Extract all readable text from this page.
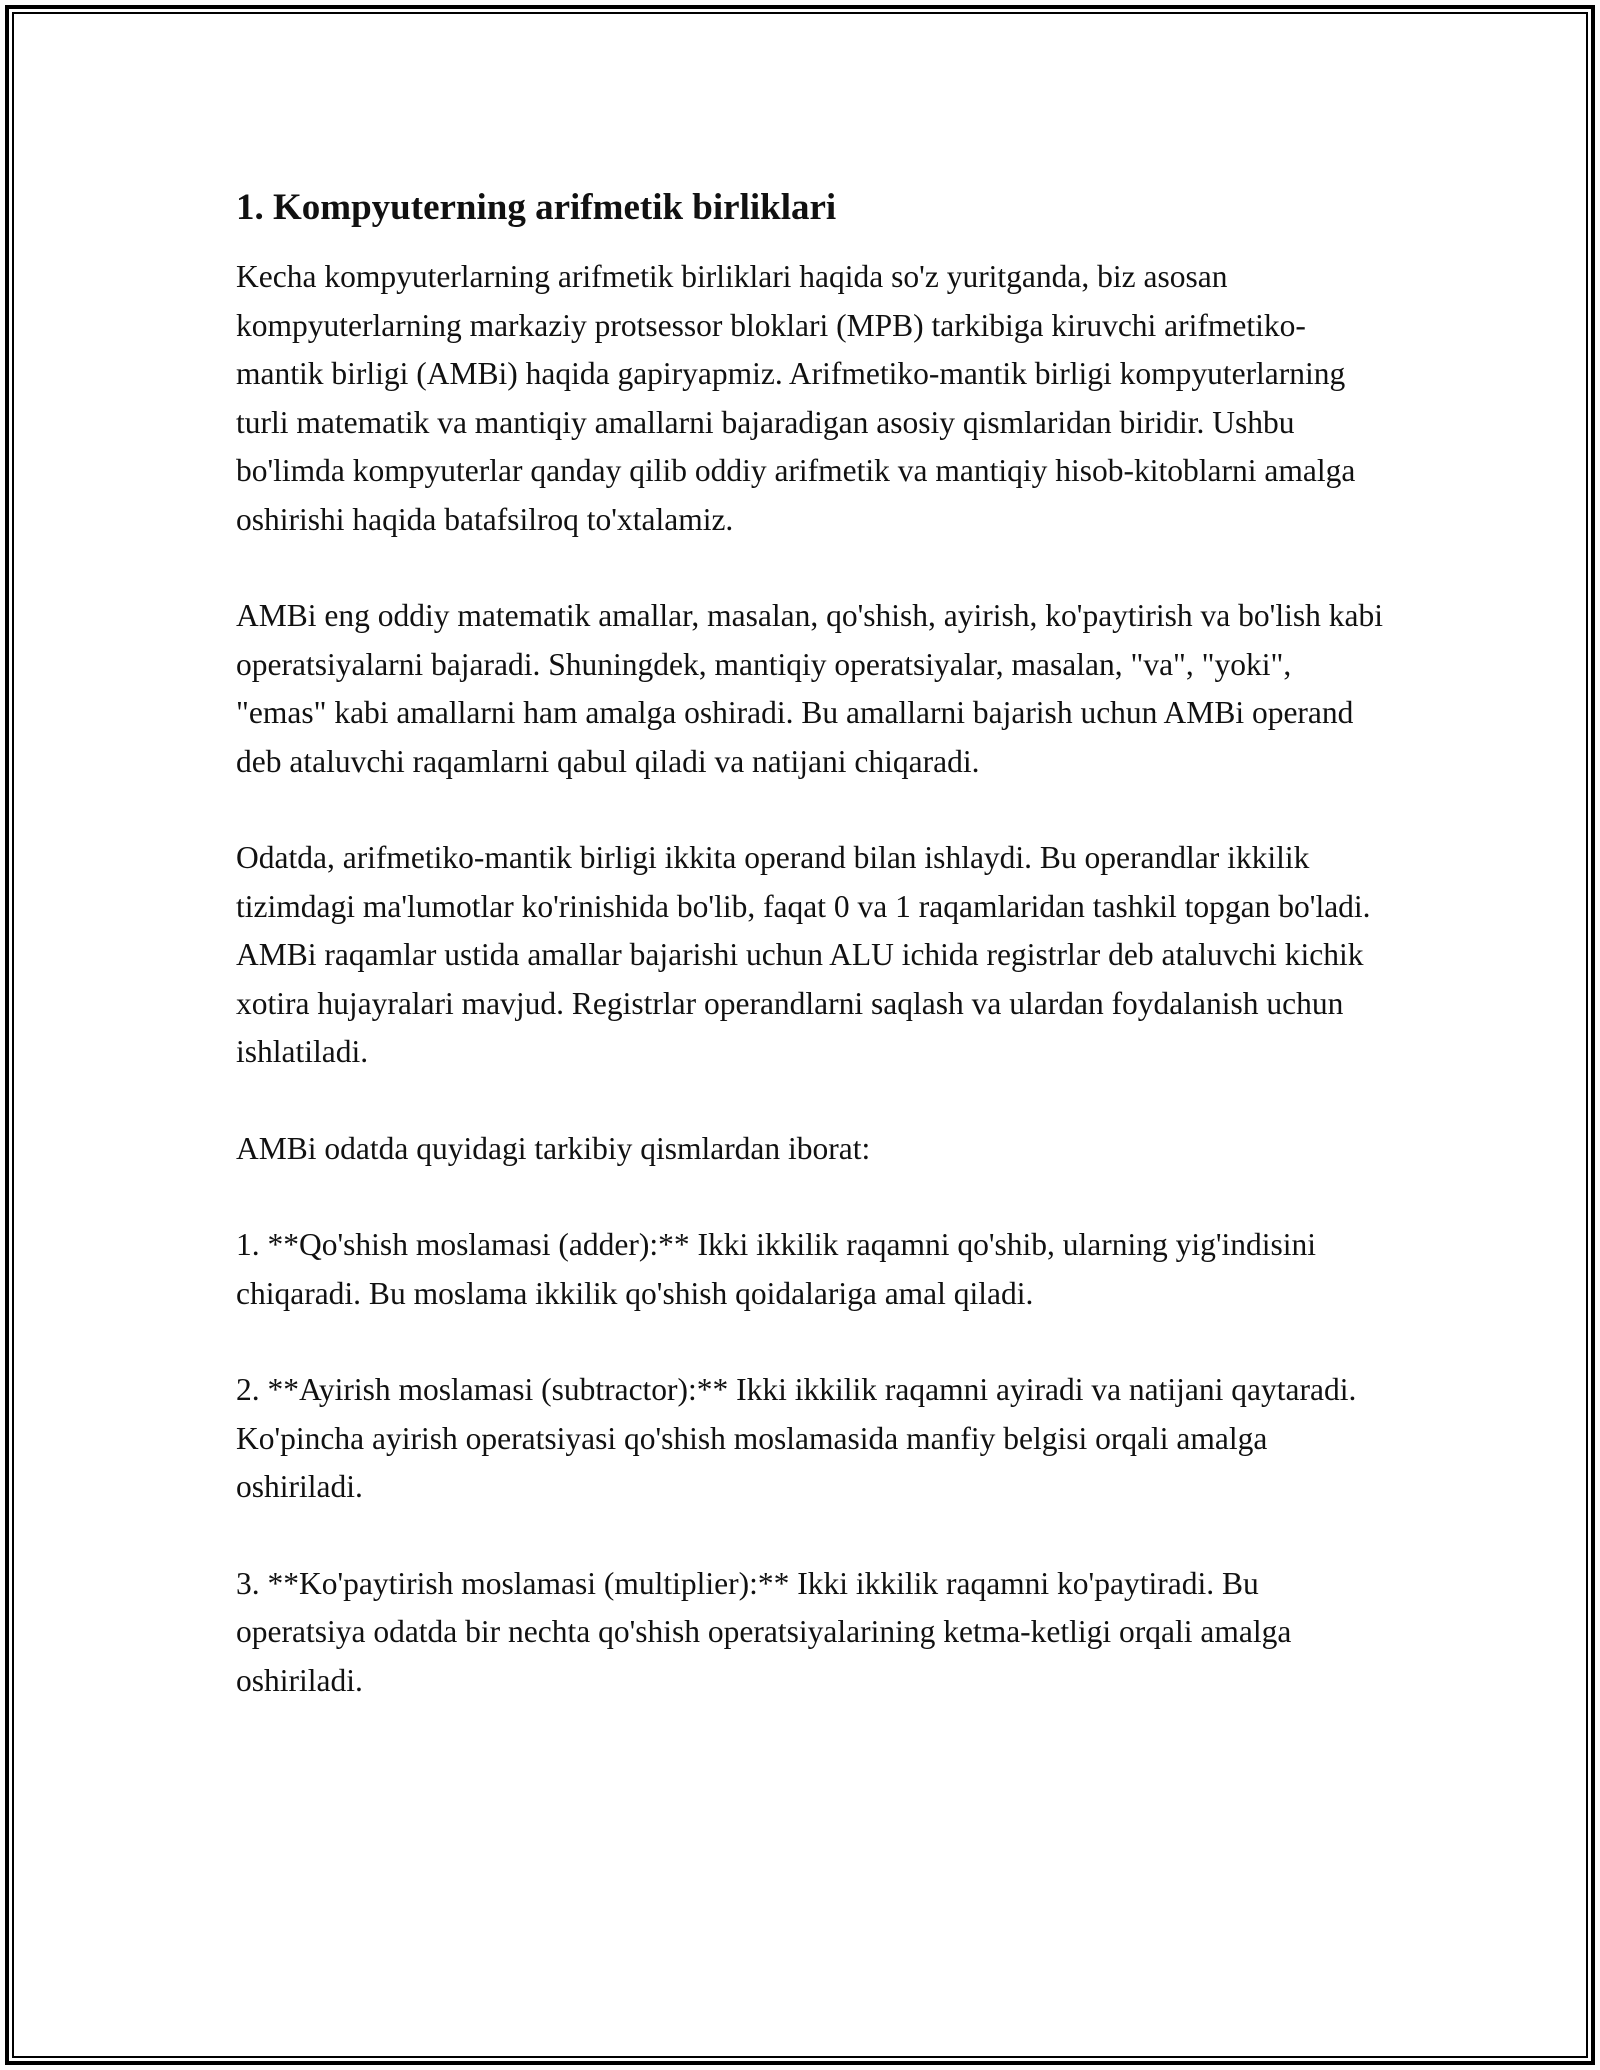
1. Kompyuterning arifmetik birliklari

Kecha kompyuterlarning arifmetik birliklari haqida so'z yuritganda, biz asosan kompyuterlarning markaziy protsessor bloklari (MPB) tarkibiga kiruvchi arifmetiko-mantik birligi (AMBi) haqida gapiryapmiz. Arifmetiko-mantik birligi kompyuterlarning turli matematik va mantiqiy amallarni bajaradigan asosiy qismlaridan biridir. Ushbu bo'limda kompyuterlar qanday qilib oddiy arifmetik va mantiqiy hisob-kitoblarni amalga oshirishi haqida batafsilroq to'xtalamiz.

AMBi eng oddiy matematik amallar, masalan, qo'shish, ayirish, ko'paytirish va bo'lish kabi operatsiyalarni bajaradi. Shuningdek, mantiqiy operatsiyalar, masalan, "va", "yoki", "emas" kabi amallarni ham amalga oshiradi. Bu amallarni bajarish uchun AMBi operand deb ataluvchi raqamlarni qabul qiladi va natijani chiqaradi.

Odatda, arifmetiko-mantik birligi ikkita operand bilan ishlaydi. Bu operandlar ikkilik tizimdagi ma'lumotlar ko'rinishida bo'lib, faqat 0 va 1 raqamlaridan tashkil topgan bo'ladi. AMBi raqamlar ustida amallar bajarishi uchun ALU ichida registrlar deb ataluvchi kichik xotira hujayralari mavjud. Registrlar operandlarni saqlash va ulardan foydalanish uchun ishlatiladi.

AMBi odatda quyidagi tarkibiy qismlardan iborat:

1. **Qo'shish moslamasi (adder):** Ikki ikkilik raqamni qo'shib, ularning yig'indisini chiqaradi. Bu moslama ikkilik qo'shish qoidalariga amal qiladi.

2. **Ayirish moslamasi (subtractor):** Ikki ikkilik raqamni ayiradi va natijani qaytaradi. Ko'pincha ayirish operatsiyasi qo'shish moslamasida manfiy belgisi orqali amalga oshiriladi.

3. **Ko'paytirish moslamasi (multiplier):** Ikki ikkilik raqamni ko'paytiradi. Bu operatsiya odatda bir nechta qo'shish operatsiyalarining ketma-ketligi orqali amalga oshiriladi.
